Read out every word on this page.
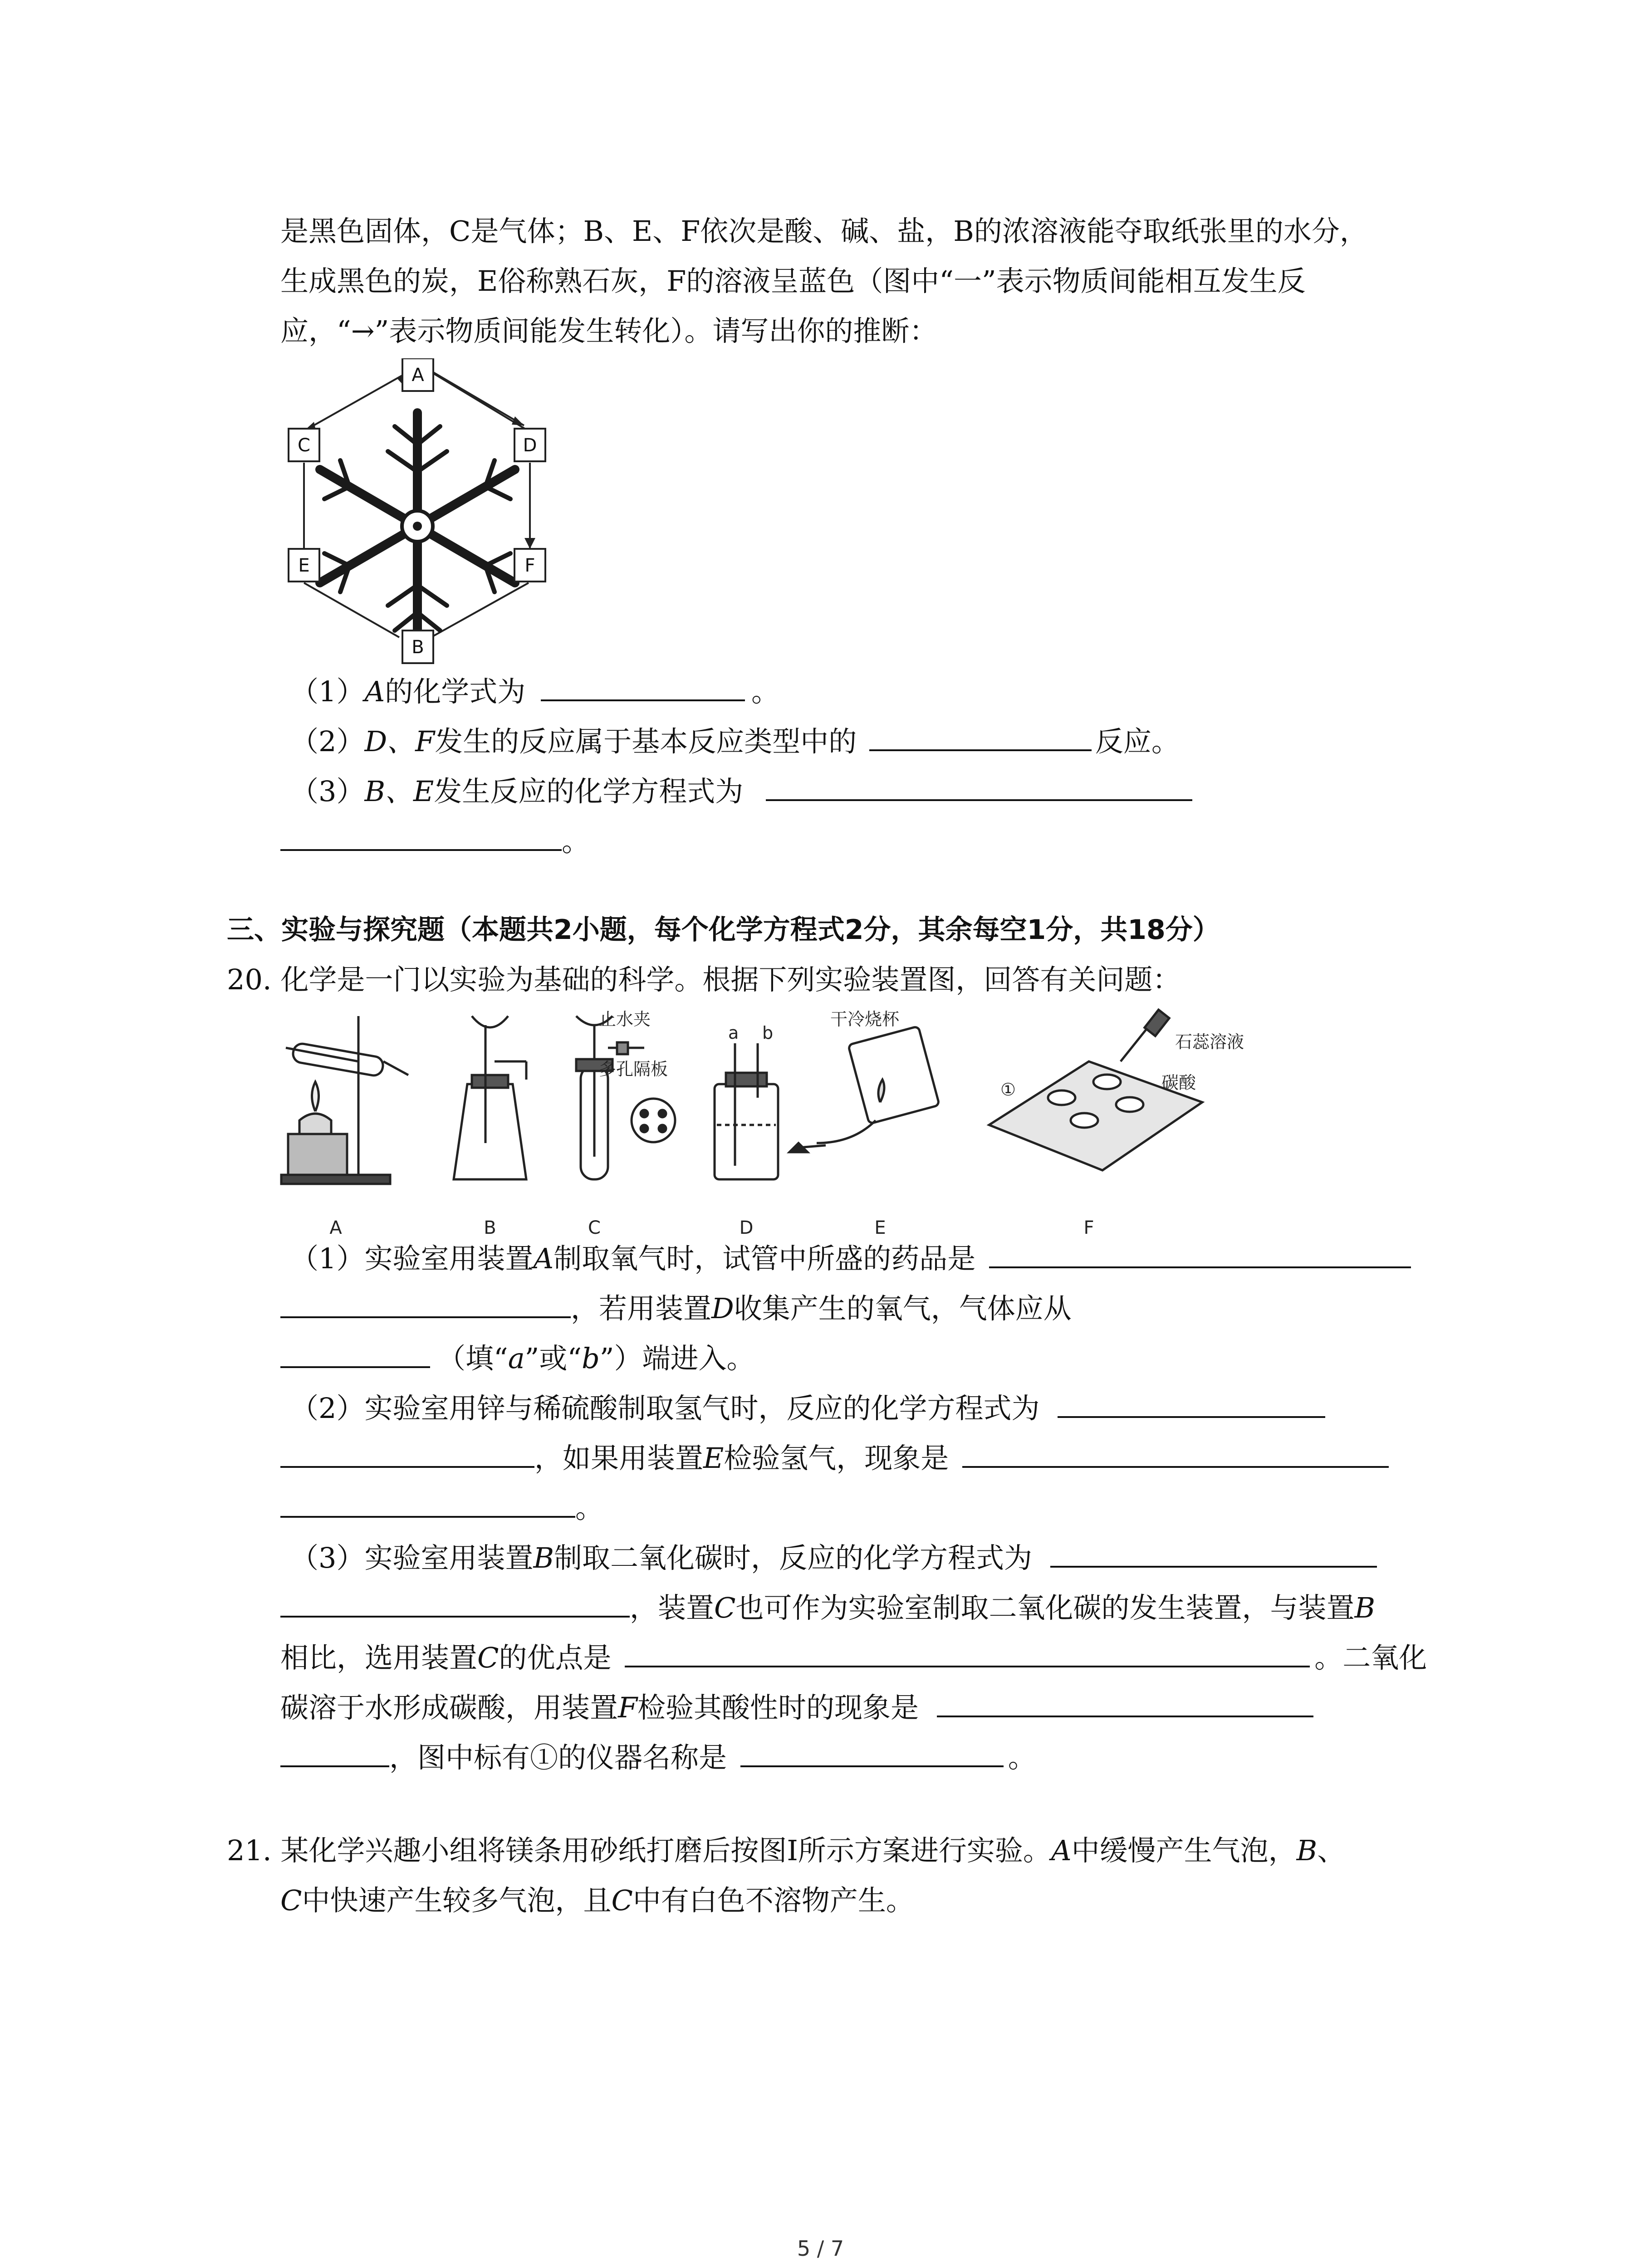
是黑色固体，C是气体；B、E、F依次是酸、碱、盐，B的浓溶液能夺取纸张里的水分，
生成黑色的炭，E俗称熟石灰，F的溶液呈蓝色（图中“一”表示物质间能相互发生反
应，“→”表示物质间能发生转化）。请写出你的推断：
A
C	D
E	F
B
（1）A的化学式为	。
（2）D、F发生的反应属于基本反应类型中的	反应。
（3）B、E发生反应的化学方程式为
。
三、实验与探究题（本题共2小题，每个化学方程式2分，其余每空1分，共18分）
20. 化学是一门以实验为基础的科学。根据下列实验装置图，回答有关问题：
A	B	C	D	E	F
止水夹
多孔隔板
a b
干冷烧杯
石蕊溶液
碳酸
①
（1）实验室用装置A制取氧气时，试管中所盛的药品是
，若用装置D收集产生的氧气，气体应从
（填“a”或“b”）端进入。
（2）实验室用锌与稀硫酸制取氢气时，反应的化学方程式为
，如果用装置E检验氢气，现象是
。
（3）实验室用装置B制取二氧化碳时，反应的化学方程式为
，装置C也可作为实验室制取二氧化碳的发生装置，与装置B
相比，选用装置C的优点是	。二氧化
碳溶于水形成碳酸，用装置F检验其酸性时的现象是
，图中标有①的仪器名称是	。
21. 某化学兴趣小组将镁条用砂纸打磨后按图Ⅰ所示方案进行实验。A中缓慢产生气泡，B、
C中快速产生较多气泡，且C中有白色不溶物产生。
5 / 7
